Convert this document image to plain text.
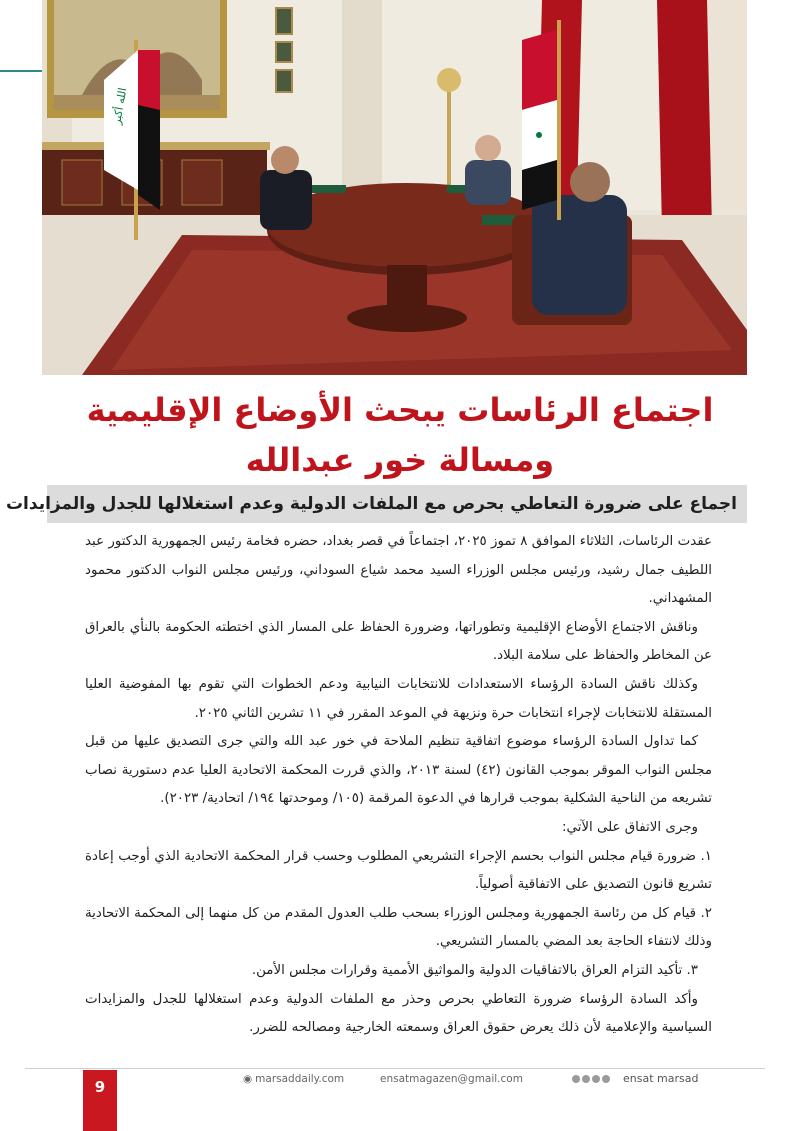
الله أكبر
اجتماع الرئاسات يبحث الأوضاع الإقليمية
ومسالة خور عبدالله
اجماع على ضرورة التعاطي بحرص مع الملفات الدولية وعدم استغلالها للجدل والمزايدات

عقدت الرئاسات، الثلاثاء الموافق ٨ تموز ٢٠٢٥، اجتماعاً في قصر بغداد، حضره فخامة رئيس الجمهورية الدكتور عبد اللطيف جمال رشيد، ورئيس مجلس الوزراء السيد محمد شياع السوداني، ورئيس مجلس النواب الدكتور محمود المشهداني.

وناقش الاجتماع الأوضاع الإقليمية وتطوراتها، وضرورة الحفاظ على المسار الذي اختطته الحكومة بالنأي بالعراق عن المخاطر والحفاظ على سلامة البلاد.

وكذلك ناقش السادة الرؤساء الاستعدادات للانتخابات النيابية ودعم الخطوات التي تقوم بها المفوضية العليا المستقلة للانتخابات لإجراء انتخابات حرة ونزيهة في الموعد المقرر في ١١ تشرين الثاني ٢٠٢٥.

كما تداول السادة الرؤساء موضوع اتفاقية تنظيم الملاحة في خور عبد الله والتي جرى التصديق عليها من قبل مجلس النواب الموقر بموجب القانون (٤٢) لسنة ٢٠١٣، والذي قررت المحكمة الاتحادية العليا عدم دستورية نصاب تشريعه من الناحية الشكلية بموجب قرارها في الدعوة المرقمة (١٠٥/ وموحدتها ١٩٤/ اتحادية/ ٢٠٢٣).

وجرى الاتفاق على الآتي:

١. ضرورة قيام مجلس النواب بحسم الإجراء التشريعي المطلوب وحسب قرار المحكمة الاتحادية الذي أوجب إعادة تشريع قانون التصديق على الاتفاقية أصولياً.

٢. قيام كل من رئاسة الجمهورية ومجلس الوزراء بسحب طلب العدول المقدم من كل منهما إلى المحكمة الاتحادية وذلك لانتفاء الحاجة بعد المضي بالمسار التشريعي.

٣. تأكيد التزام العراق بالاتفاقيات الدولية والمواثيق الأممية وقرارات مجلس الأمن.

وأكد السادة الرؤساء ضرورة التعاطي بحرص وحذر مع الملفات الدولية وعدم استغلالها للجدل والمزايدات السياسية والإعلامية لأن ذلك يعرض حقوق العراق وسمعته الخارجية ومصالحه للضرر.

9	◉ marsaddaily.com	ensatmagazen@gmail.com	ensat marsad
